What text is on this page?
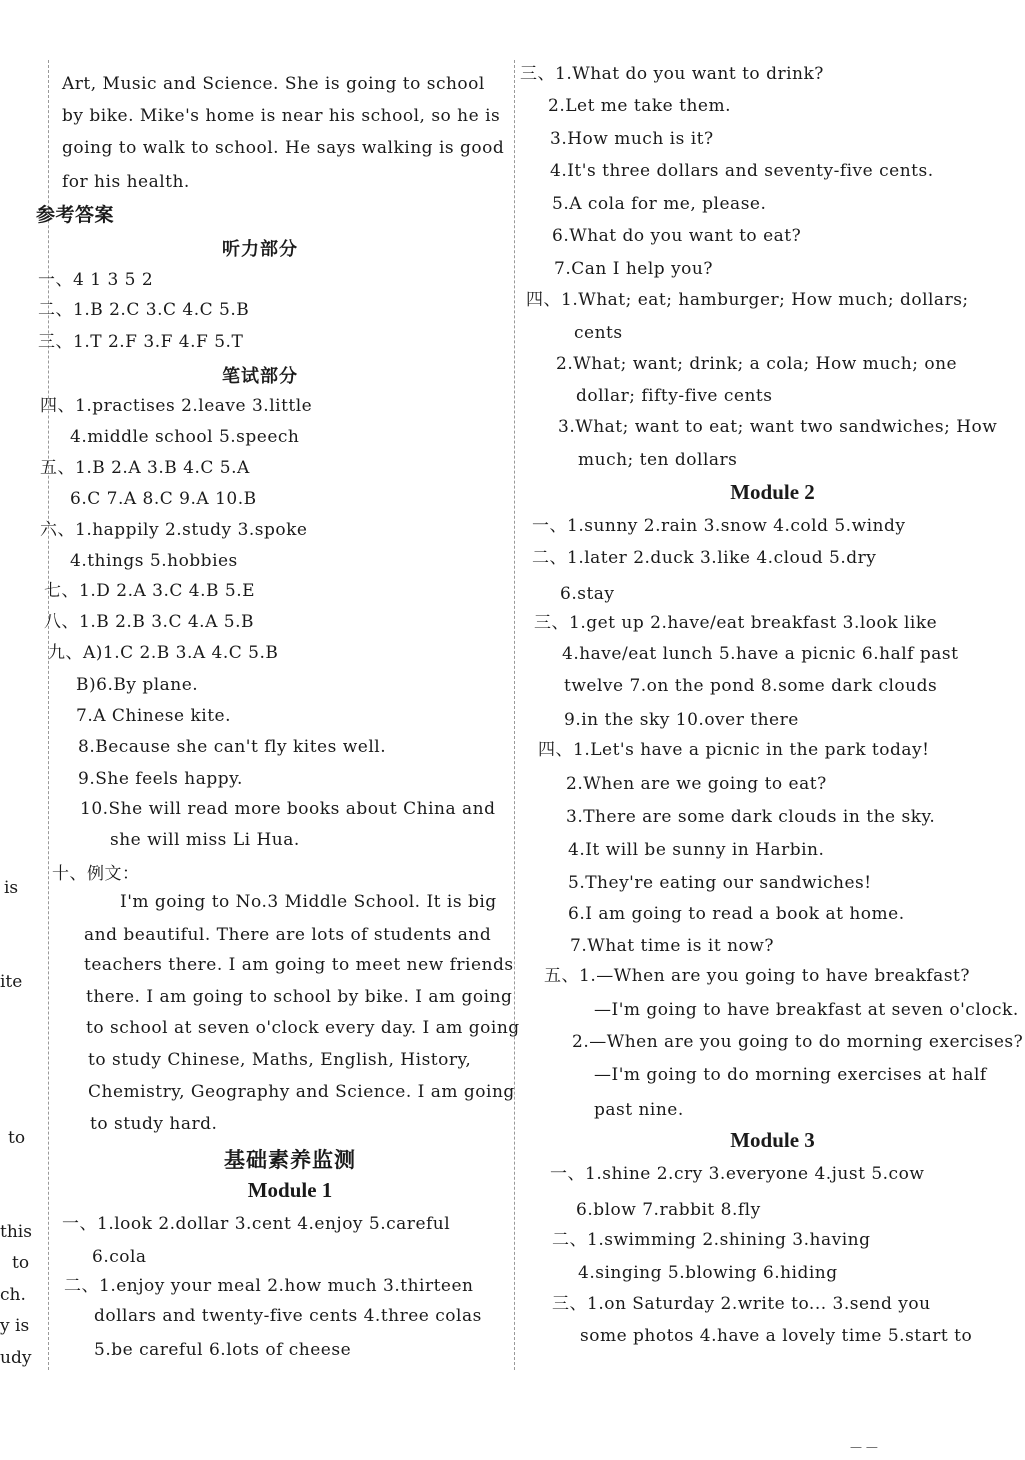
is
ite
to
this
to
ch.
y is
udy
Art, Music and Science. She is going to school
by bike. Mike's home is near his school, so he is
going to walk to school. He says walking is good
for his health.
参考答案
听力部分
一、4 1 3 5 2
二、1.B 2.C 3.C 4.C 5.B
三、1.T 2.F 3.F 4.F 5.T
笔试部分
四、1.practises 2.leave 3.little
4.middle school 5.speech
五、1.B 2.A 3.B 4.C 5.A
6.C 7.A 8.C 9.A 10.B
六、1.happily 2.study 3.spoke
4.things 5.hobbies
七、1.D 2.A 3.C 4.B 5.E
八、1.B 2.B 3.C 4.A 5.B
九、A)1.C 2.B 3.A 4.C 5.B
B)6.By plane.
7.A Chinese kite.
8.Because she can't fly kites well.
9.She feels happy.
10.She will read more books about China and
she will miss Li Hua.
十、例文：
I'm going to No.3 Middle School. It is big
and beautiful. There are lots of students and
teachers there. I am going to meet new friends
there. I am going to school by bike. I am going
to school at seven o'clock every day. I am going
to study Chinese, Maths, English, History,
Chemistry, Geography and Science. I am going
to study hard.
基础素养监测
Module 1
一、1.look 2.dollar 3.cent 4.enjoy 5.careful
6.cola
二、1.enjoy your meal 2.how much 3.thirteen
dollars and twenty-five cents 4.three colas
5.be careful 6.lots of cheese
三、1.What do you want to drink?
2.Let me take them.
3.How much is it?
4.It's three dollars and seventy-five cents.
5.A cola for me, please.
6.What do you want to eat?
7.Can I help you?
四、1.What; eat; hamburger; How much; dollars;
cents
2.What; want; drink; a cola; How much; one
dollar; fifty-five cents
3.What; want to eat; want two sandwiches; How
much; ten dollars
Module 2
一、1.sunny 2.rain 3.snow 4.cold 5.windy
二、1.later 2.duck 3.like 4.cloud 5.dry
6.stay
三、1.get up 2.have/eat breakfast 3.look like
4.have/eat lunch 5.have a picnic 6.half past
twelve 7.on the pond 8.some dark clouds
9.in the sky 10.over there
四、1.Let's have a picnic in the park today!
2.When are we going to eat?
3.There are some dark clouds in the sky.
4.It will be sunny in Harbin.
5.They're eating our sandwiches!
6.I am going to read a book at home.
7.What time is it now?
五、1.—When are you going to have breakfast?
—I'm going to have breakfast at seven o'clock.
2.—When are you going to do morning exercises?
—I'm going to do morning exercises at half
past nine.
Module 3
一、1.shine 2.cry 3.everyone 4.just 5.cow
6.blow 7.rabbit 8.fly
二、1.swimming 2.shining 3.having
4.singing 5.blowing 6.hiding
三、1.on Saturday 2.write to... 3.send you
some photos 4.have a lovely time 5.start to
— —
